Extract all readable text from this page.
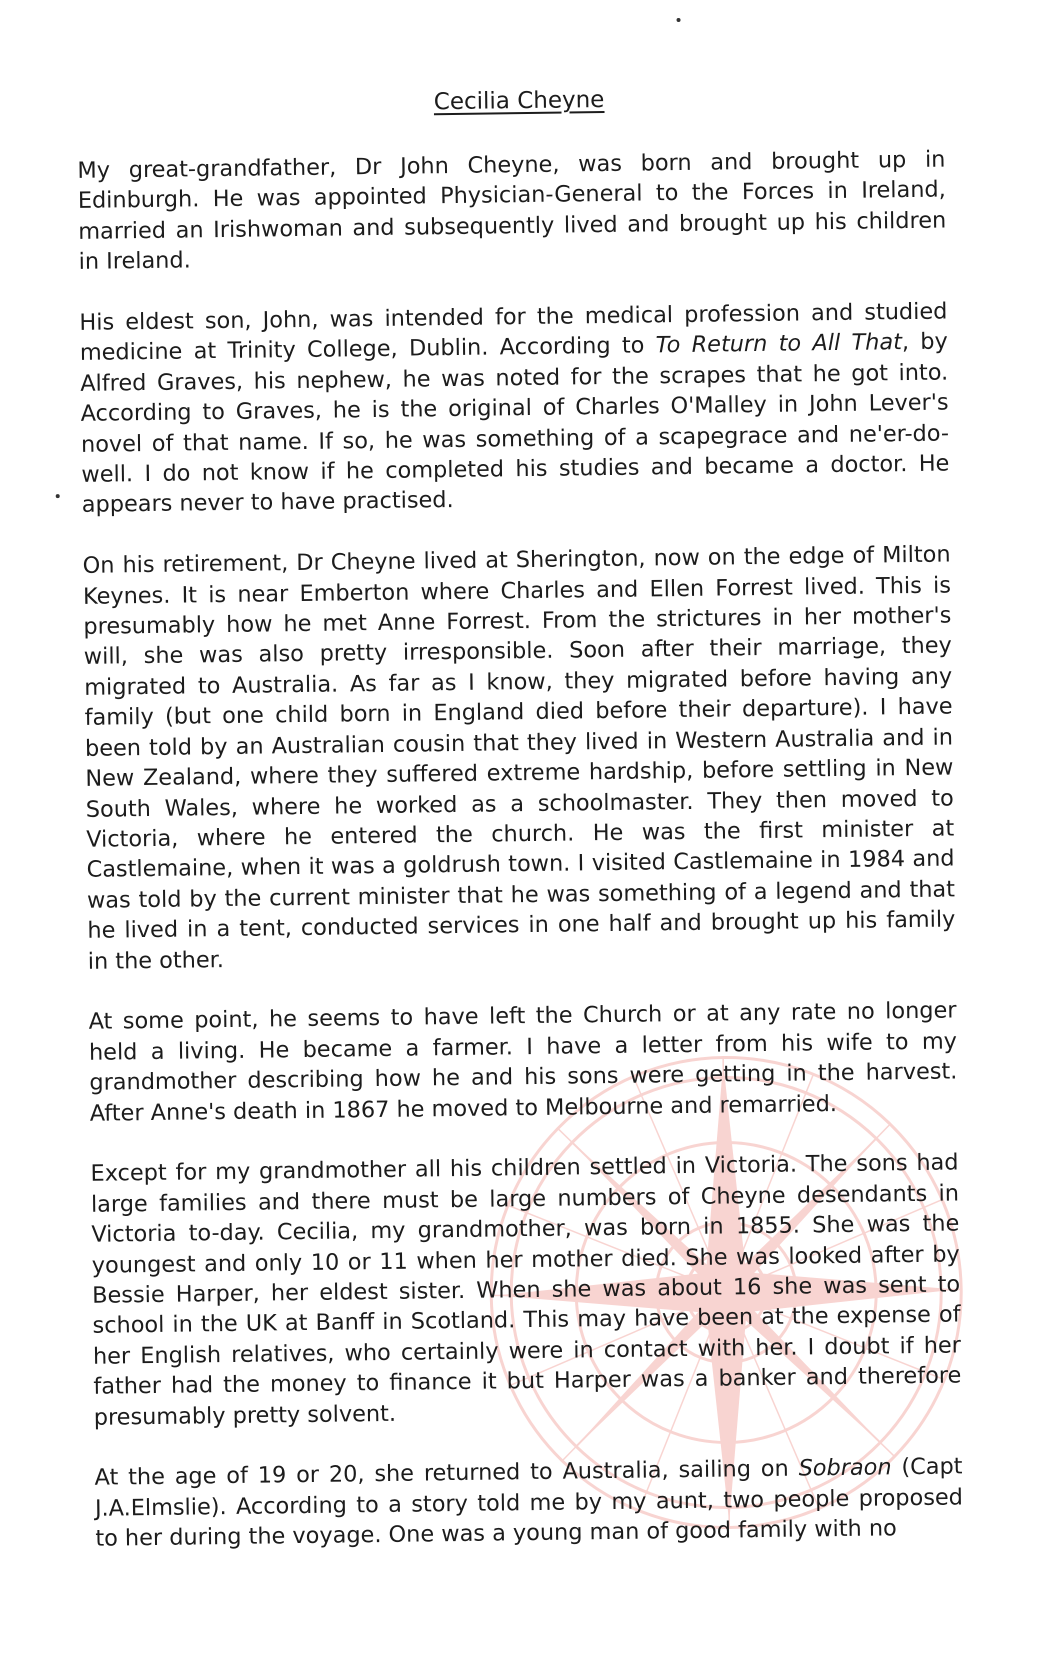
Cecilia Cheyne

My great-grandfather, Dr John Cheyne, was born and brought up in Edinburgh. He was appointed Physician-General to the Forces in Ireland, married an Irishwoman and subsequently lived and brought up his children in Ireland.

His eldest son, John, was intended for the medical profession and studied medicine at Trinity College, Dublin. According to To Return to All That, by Alfred Graves, his nephew, he was noted for the scrapes that he got into. According to Graves, he is the original of Charles O'Malley in John Lever's novel of that name. If so, he was something of a scapegrace and ne'er-do-well. I do not know if he completed his studies and became a doctor. He appears never to have practised.

On his retirement, Dr Cheyne lived at Sherington, now on the edge of Milton Keynes. It is near Emberton where Charles and Ellen Forrest lived. This is presumably how he met Anne Forrest. From the strictures in her mother's will, she was also pretty irresponsible. Soon after their marriage, they migrated to Australia. As far as I know, they migrated before having any family (but one child born in England died before their departure). I have been told by an Australian cousin that they lived in Western Australia and in New Zealand, where they suffered extreme hardship, before settling in New South Wales, where he worked as a schoolmaster. They then moved to Victoria, where he entered the church. He was the first minister at Castlemaine, when it was a goldrush town. I visited Castlemaine in 1984 and was told by the current minister that he was something of a legend and that he lived in a tent, conducted services in one half and brought up his family in the other.

At some point, he seems to have left the Church or at any rate no longer held a living. He became a farmer. I have a letter from his wife to my grandmother describing how he and his sons were getting in the harvest. After Anne's death in 1867 he moved to Melbourne and remarried.

Except for my grandmother all his children settled in Victoria. The sons had large families and there must be large numbers of Cheyne desendants in Victoria to-day. Cecilia, my grandmother, was born in 1855. She was the youngest and only 10 or 11 when her mother died. She was looked after by Bessie Harper, her eldest sister. When she was about 16 she was sent to school in the UK at Banff in Scotland. This may have been at the expense of her English relatives, who certainly were in contact with her. I doubt if her father had the money to finance it but Harper was a banker and therefore presumably pretty solvent.

At the age of 19 or 20, she returned to Australia, sailing on Sobraon (Capt J.A.Elmslie). According to a story told me by my aunt, two people proposed to her during the voyage. One was a young man of good family with no
